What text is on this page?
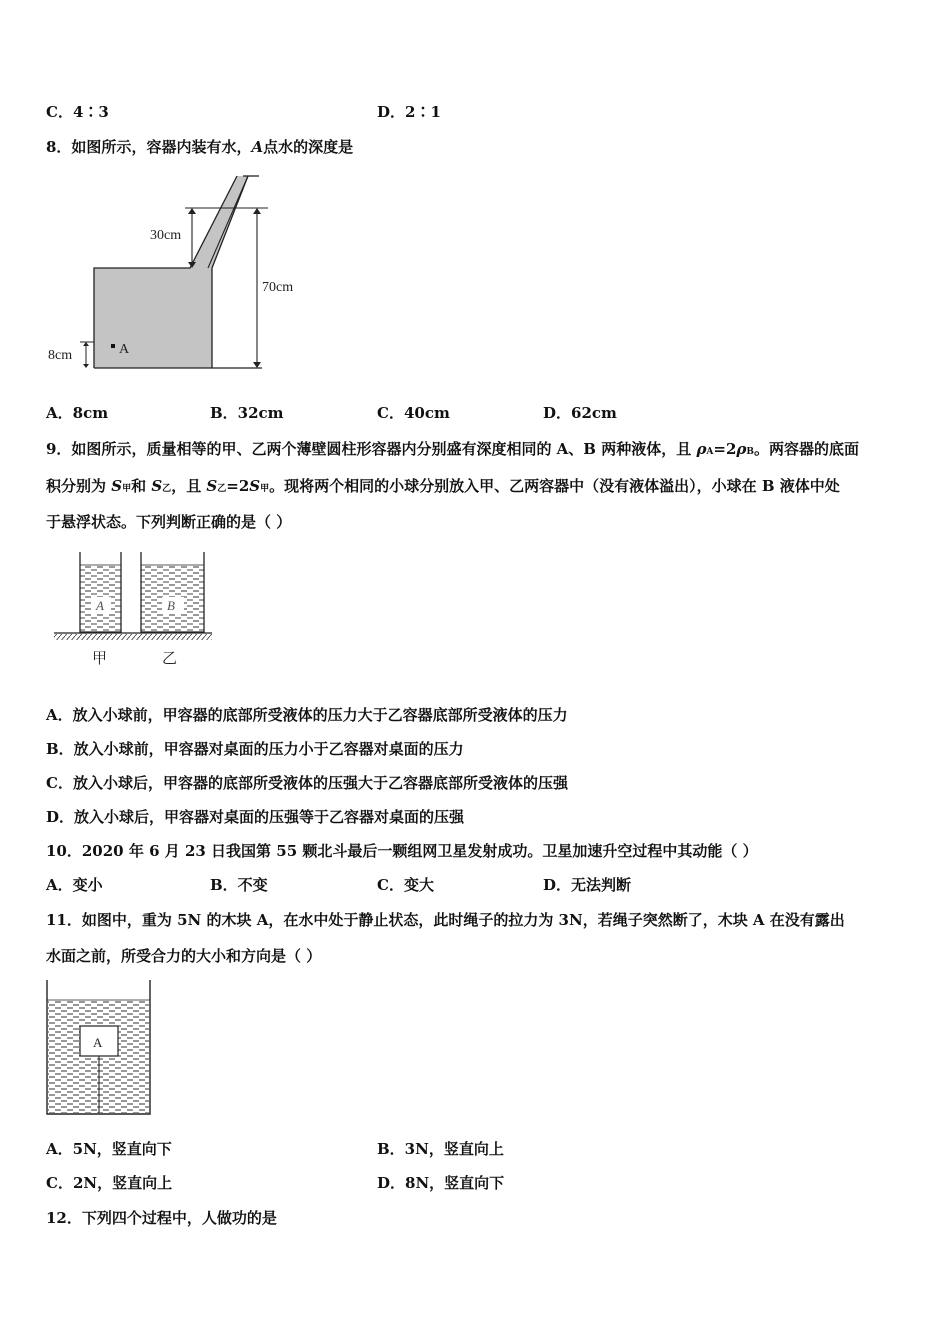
C．4∶3	D．2∶1
8．如图所示，容器内装有水，A点水的深度是
30cm
70cm
8cm	A
A．8cm	B．32cm	C．40cm	D．62cm
9．如图所示，质量相等的甲、乙两个薄壁圆柱形容器内分别盛有深度相同的 A、B 两种液体，且 ρA=2ρB。两容器的底面
积分别为 S甲和 S乙，且 S乙=2S甲。现将两个相同的小球分别放入甲、乙两容器中（没有液体溢出），小球在 B 液体中处
于悬浮状态。下列判断正确的是（ ）
A	B
甲	乙
A．放入小球前，甲容器的底部所受液体的压力大于乙容器底部所受液体的压力
B．放入小球前，甲容器对桌面的压力小于乙容器对桌面的压力
C．放入小球后，甲容器的底部所受液体的压强大于乙容器底部所受液体的压强
D．放入小球后，甲容器对桌面的压强等于乙容器对桌面的压强
10．2020 年 6 月 23 日我国第 55 颗北斗最后一颗组网卫星发射成功。卫星加速升空过程中其动能（ ）
A．变小	B．不变	C．变大	D．无法判断
11．如图中，重为 5N 的木块 A，在水中处于静止状态，此时绳子的拉力为 3N，若绳子突然断了，木块 A 在没有露出
水面之前，所受合力的大小和方向是（ ）
A
A．5N，竖直向下	B．3N，竖直向上
C．2N，竖直向上	D．8N，竖直向下
12．下列四个过程中，人做功的是
